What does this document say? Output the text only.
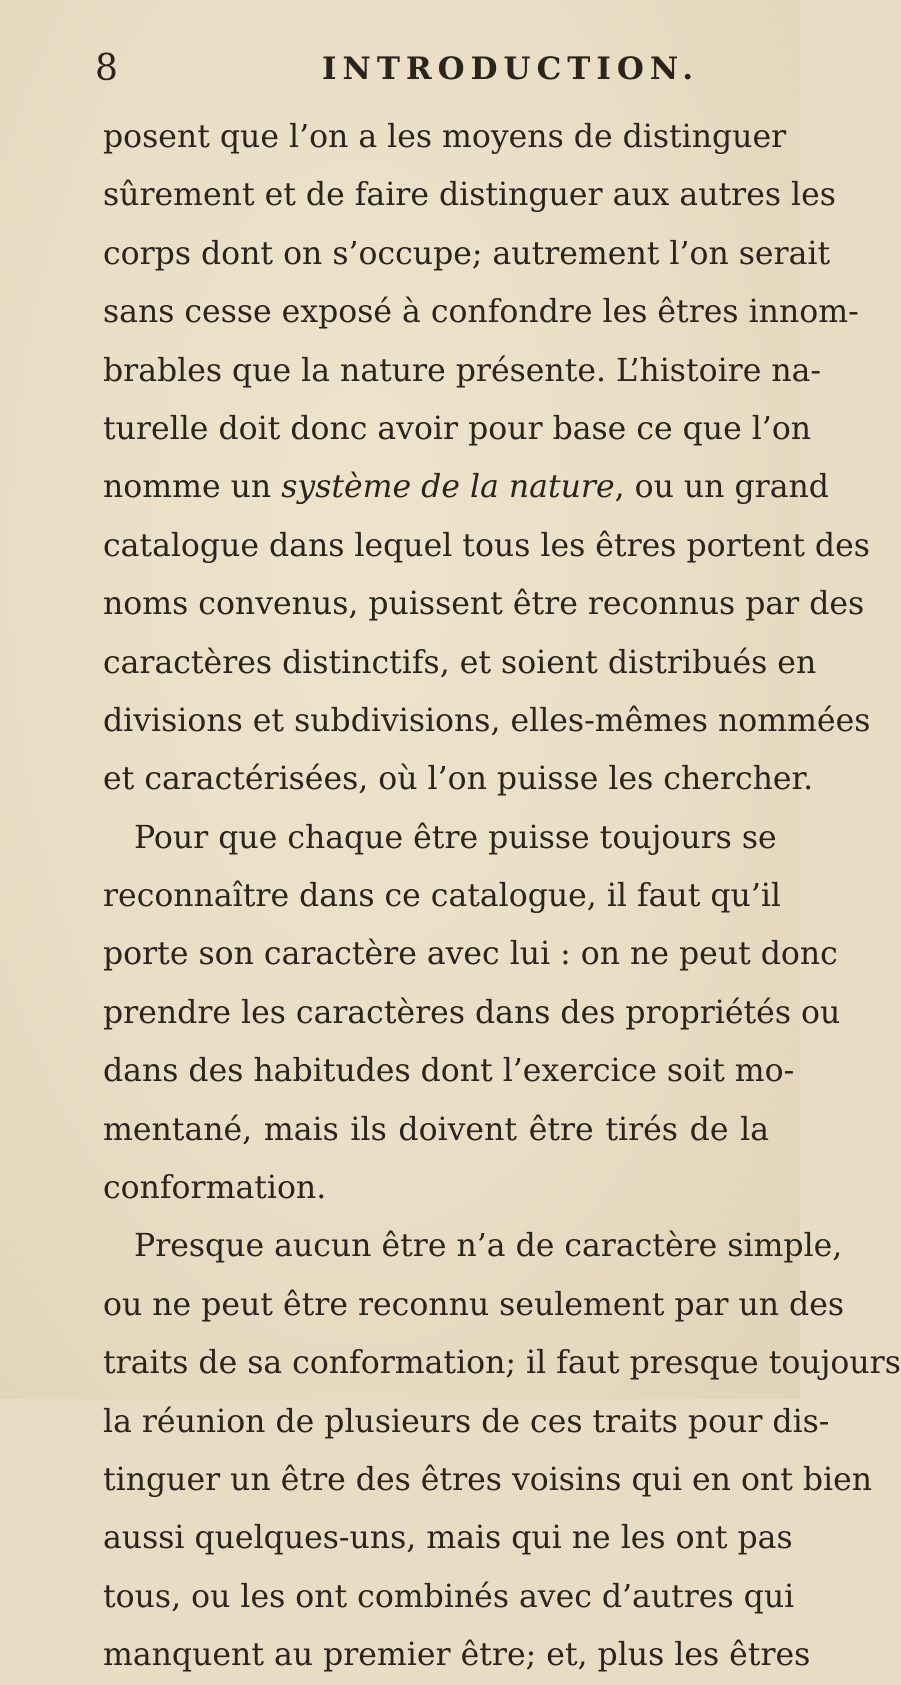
8	INTRODUCTION.
posent que l’on a les moyens de distinguer
sûrement et de faire distinguer aux autres les
corps dont on s’occupe; autrement l’on serait
sans cesse exposé à confondre les êtres innom-
brables que la nature présente. L’histoire na-
turelle doit donc avoir pour base ce que l’on
nomme un système de la nature, ou un grand
catalogue dans lequel tous les êtres portent des
noms convenus, puissent être reconnus par des
caractères distinctifs, et soient distribués en
divisions et subdivisions, elles-mêmes nommées
et caractérisées, où l’on puisse les chercher.
Pour que chaque être puisse toujours se
reconnaître dans ce catalogue, il faut qu’il
porte son caractère avec lui : on ne peut donc
prendre les caractères dans des propriétés ou
dans des habitudes dont l’exercice soit mo-
mentané, mais ils doivent être tirés de la
conformation.
Presque aucun être n’a de caractère simple,
ou ne peut être reconnu seulement par un des
traits de sa conformation; il faut presque toujours
la réunion de plusieurs de ces traits pour dis-
tinguer un être des êtres voisins qui en ont bien
aussi quelques-uns, mais qui ne les ont pas
tous, ou les ont combinés avec d’autres qui
manquent au premier être; et, plus les êtres
